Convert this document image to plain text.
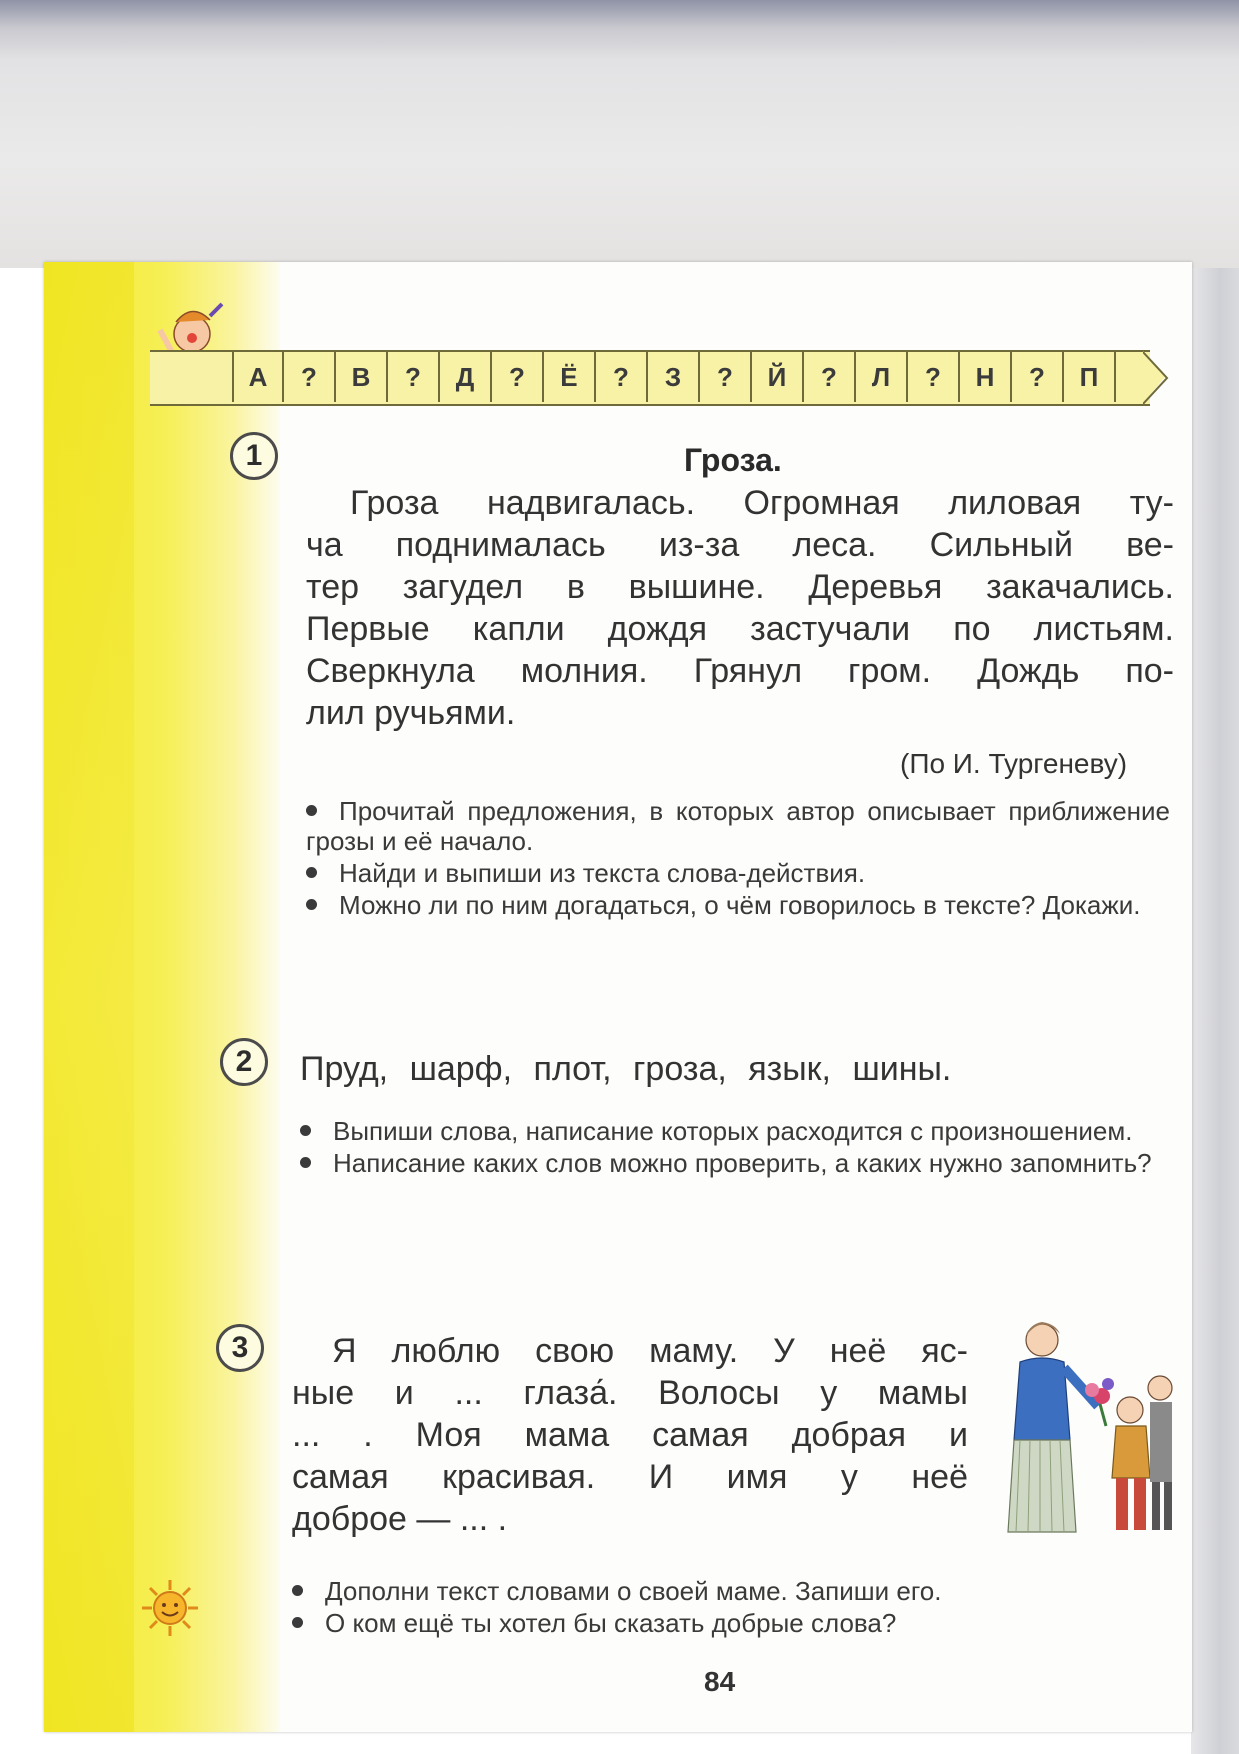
А	?	В	?	Д	?	Ё	?	З	?	Й	?	Л	?	Н	?	П
1	Гроза.
Гроза надвигалась. Огромная лиловая ту-
ча поднималась из-за леса. Сильный ве-
тер загудел в вышине. Деревья закачались.
Первые капли дождя застучали по листьям.
Сверкнула молния. Грянул гром. Дождь по-
лил ручьями.
(По И. Тургеневу)
Прочитай предложения, в которых автор описывает приближение грозы и её начало.
Найди и выпиши из текста слова-действия.
Можно ли по ним догадаться, о чём говорилось в тексте? Докажи.
2	Пруд, шарф, плот, гроза, язык, шины.
Выпиши слова, написание которых расходится с произношением.
Написание каких слов можно проверить, а каких нужно запомнить?
3	Я люблю свою маму. У неё яс-
ные и ... глаза́. Волосы у мамы
... . Моя мама самая добрая и
самая красивая. И имя у неё
доброе — ... .
Дополни текст словами о своей маме. Запиши его.
О ком ещё ты хотел бы сказать добрые слова?
84
